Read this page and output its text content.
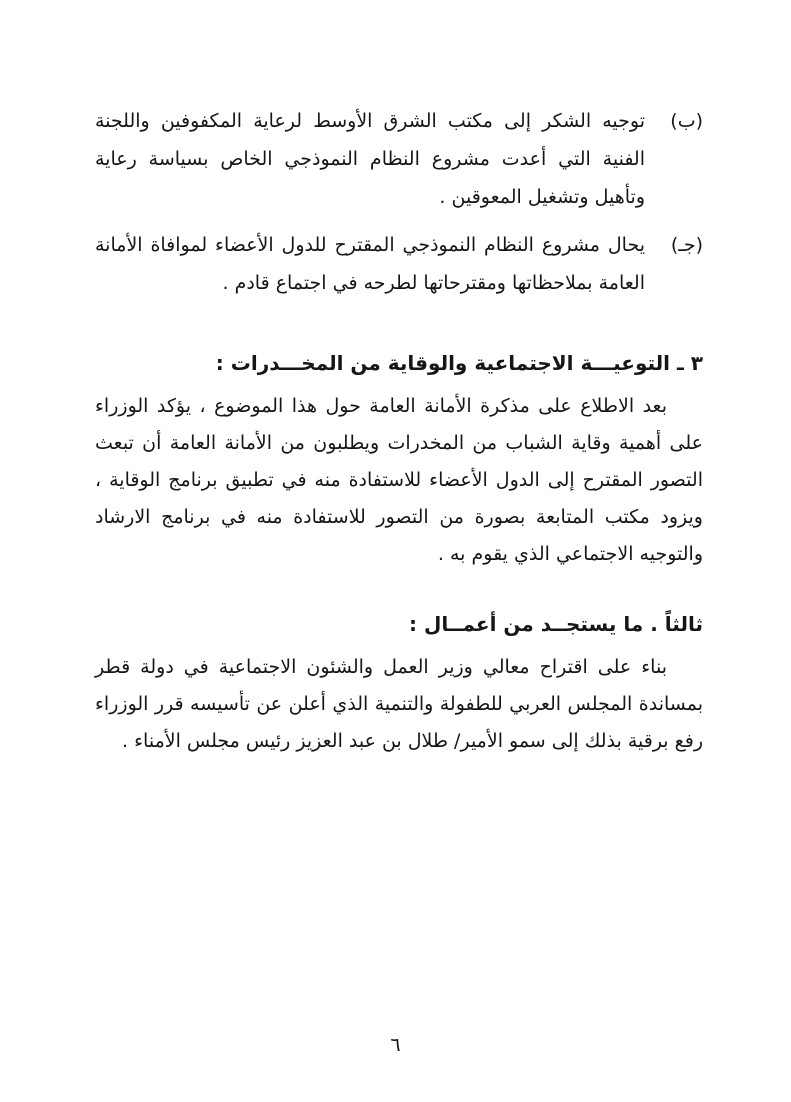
(ب)

توجيه الشكر إلى مكتب الشرق الأوسط لرعاية المكفوفين واللجنة الفنية التي أعدت مشروع النظام النموذجي الخاص بسياسة رعاية وتأهيل وتشغيل المعوقين .

(جـ)

يحال مشروع النظام النموذجي المقترح للدول الأعضاء لموافاة الأمانة العامة بملاحظاتها ومقترحاتها لطرحه في اجتماع قادم .

٣ ـ التوعيـــة الاجتماعية والوقاية من المخـــدرات :

بعد الاطلاع على مذكرة الأمانة العامة حول هذا الموضوع ، يؤكد الوزراء على أهمية وقاية الشباب من المخدرات ويطلبون من الأمانة العامة أن تبعث التصور المقترح إلى الدول الأعضاء للاستفادة منه في تطبيق برنامج الوقاية ، ويزود مكتب المتابعة بصورة من التصور للاستفادة منه في برنامج الارشاد والتوجيه الاجتماعي الذي يقوم به .

ثالثاً . ما يستجــد من أعمــال :

بناء على اقتراح معالي وزير العمل والشئون الاجتماعية في دولة قطر بمساندة المجلس العربي للطفولة والتنمية الذي أعلن عن تأسيسه قرر الوزراء رفع برقية بذلك إلى سمو الأمير/ طلال بن عبد العزيز رئيس مجلس الأمناء .

٦
